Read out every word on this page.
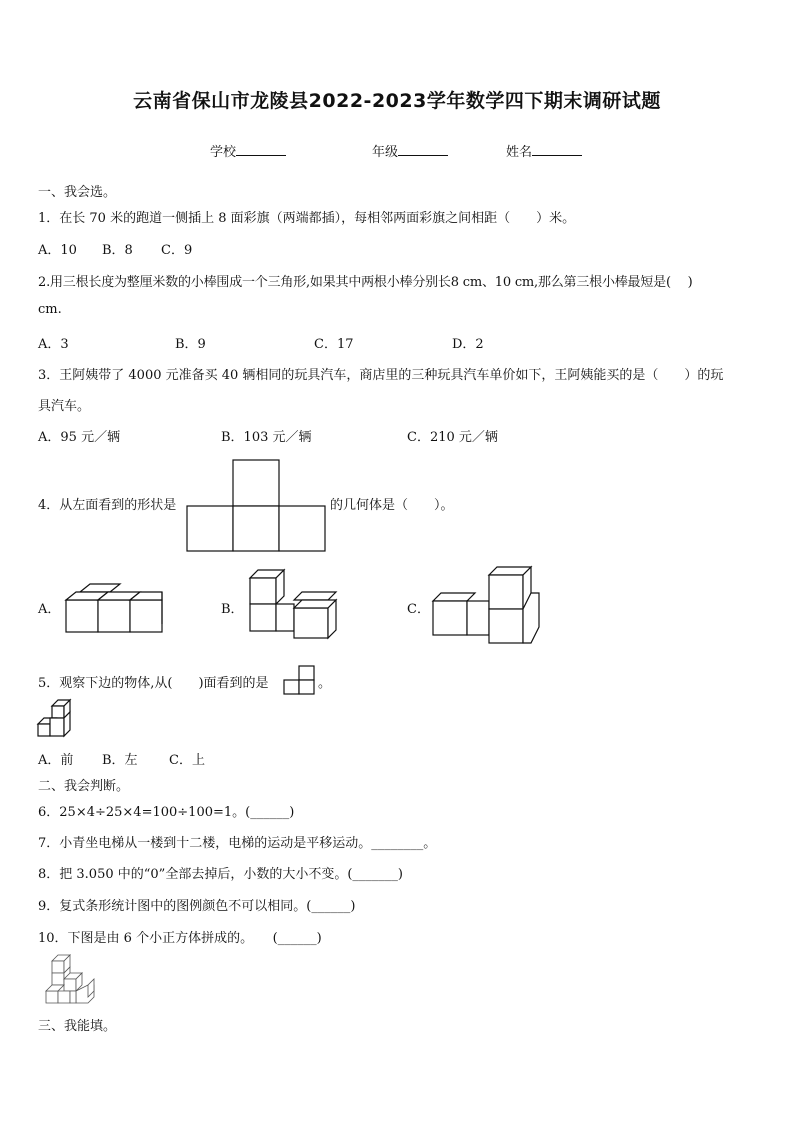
云南省保山市龙陵县2022-2023学年数学四下期末调研试题
学校	年级	姓名
一、我会选。
1．在长 70 米的跑道一侧插上 8 面彩旗（两端都插），每相邻两面彩旗之间相距（　　）米。
A．10 B．8 C．9
2.用三根长度为整厘米数的小棒围成一个三角形,如果其中两根小棒分别长8 cm、10 cm,那么第三根小棒最短是(　 )
cm.
A．3	B．9	C．17	D．2
3．王阿姨带了 4000 元准备买 40 辆相同的玩具汽车，商店里的三种玩具汽车单价如下，王阿姨能买的是（　　）的玩
具汽车。
A．95 元／辆	B．103 元／辆	C．210 元／辆
4．从左面看到的形状是	的几何体是（　　）。
A．	B．	C．
5．观察下边的物体,从(　　)面看到的是	。
A．前 B．左 C．上
二、我会判断。
6．25×4÷25×4=100÷100=1。(______)
7．小青坐电梯从一楼到十二楼，电梯的运动是平移运动。________。
8．把 3.050 中的“0”全部去掉后，小数的大小不变。(_______)
9．复式条形统计图中的图例颜色不可以相同。(______)
10．下图是由 6 个小正方体拼成的。　　(______)
三、我能填。
